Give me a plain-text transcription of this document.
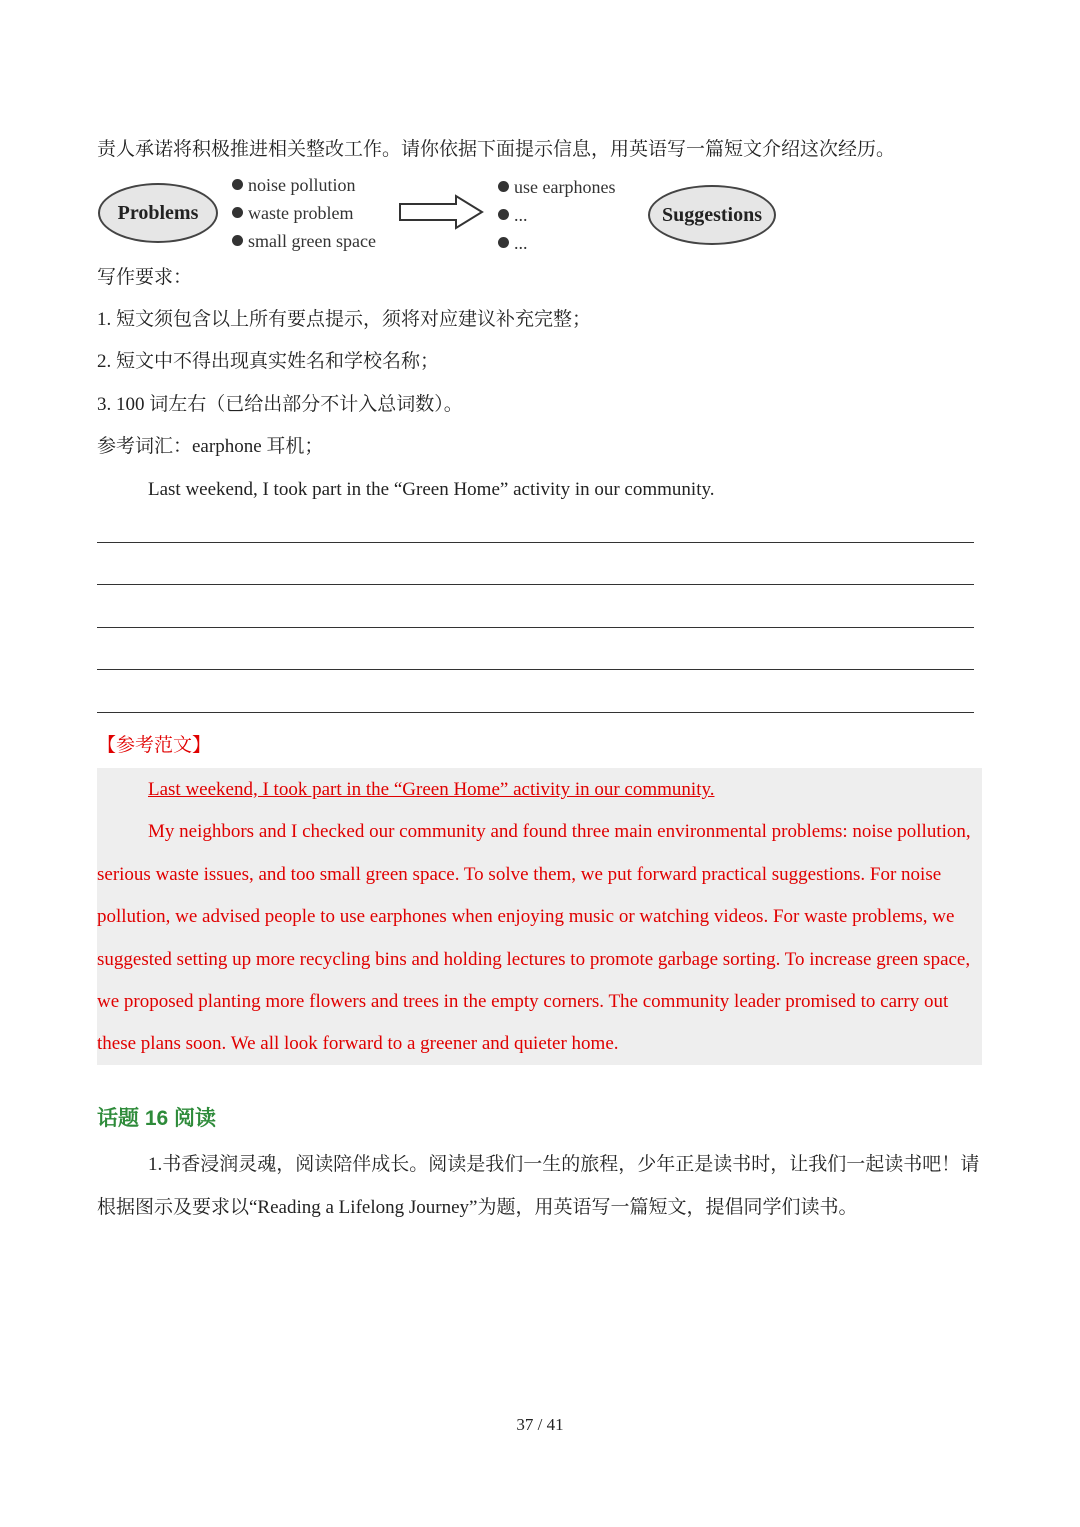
责人承诺将积极推进相关整改工作。请你依据下面提示信息，用英语写一篇短文介绍这次经历。
Problems
noise pollution
waste problem
small green space
use earphones
...
...
Suggestions
写作要求：
1. 短文须包含以上所有要点提示，须将对应建议补充完整；
2. 短文中不得出现真实姓名和学校名称；
3. 100 词左右（已给出部分不计入总词数）。
参考词汇：earphone 耳机；
Last weekend, I took part in the “Green Home” activity in our community.
【参考范文】
Last weekend, I took part in the “Green Home” activity in our community.
My neighbors and I checked our community and found three main environmental problems: noise pollution,
serious waste issues, and too small green space. To solve them, we put forward practical suggestions. For noise
pollution, we advised people to use earphones when enjoying music or watching videos. For waste problems, we
suggested setting up more recycling bins and holding lectures to promote garbage sorting. To increase green space,
we proposed planting more flowers and trees in the empty corners. The community leader promised to carry out
these plans soon. We all look forward to a greener and quieter home.
话题 16 阅读
1.书香浸润灵魂，阅读陪伴成长。阅读是我们一生的旅程，少年正是读书时，让我们一起读书吧！请
根据图示及要求以“Reading a Lifelong Journey”为题，用英语写一篇短文，提倡同学们读书。
37 / 41
